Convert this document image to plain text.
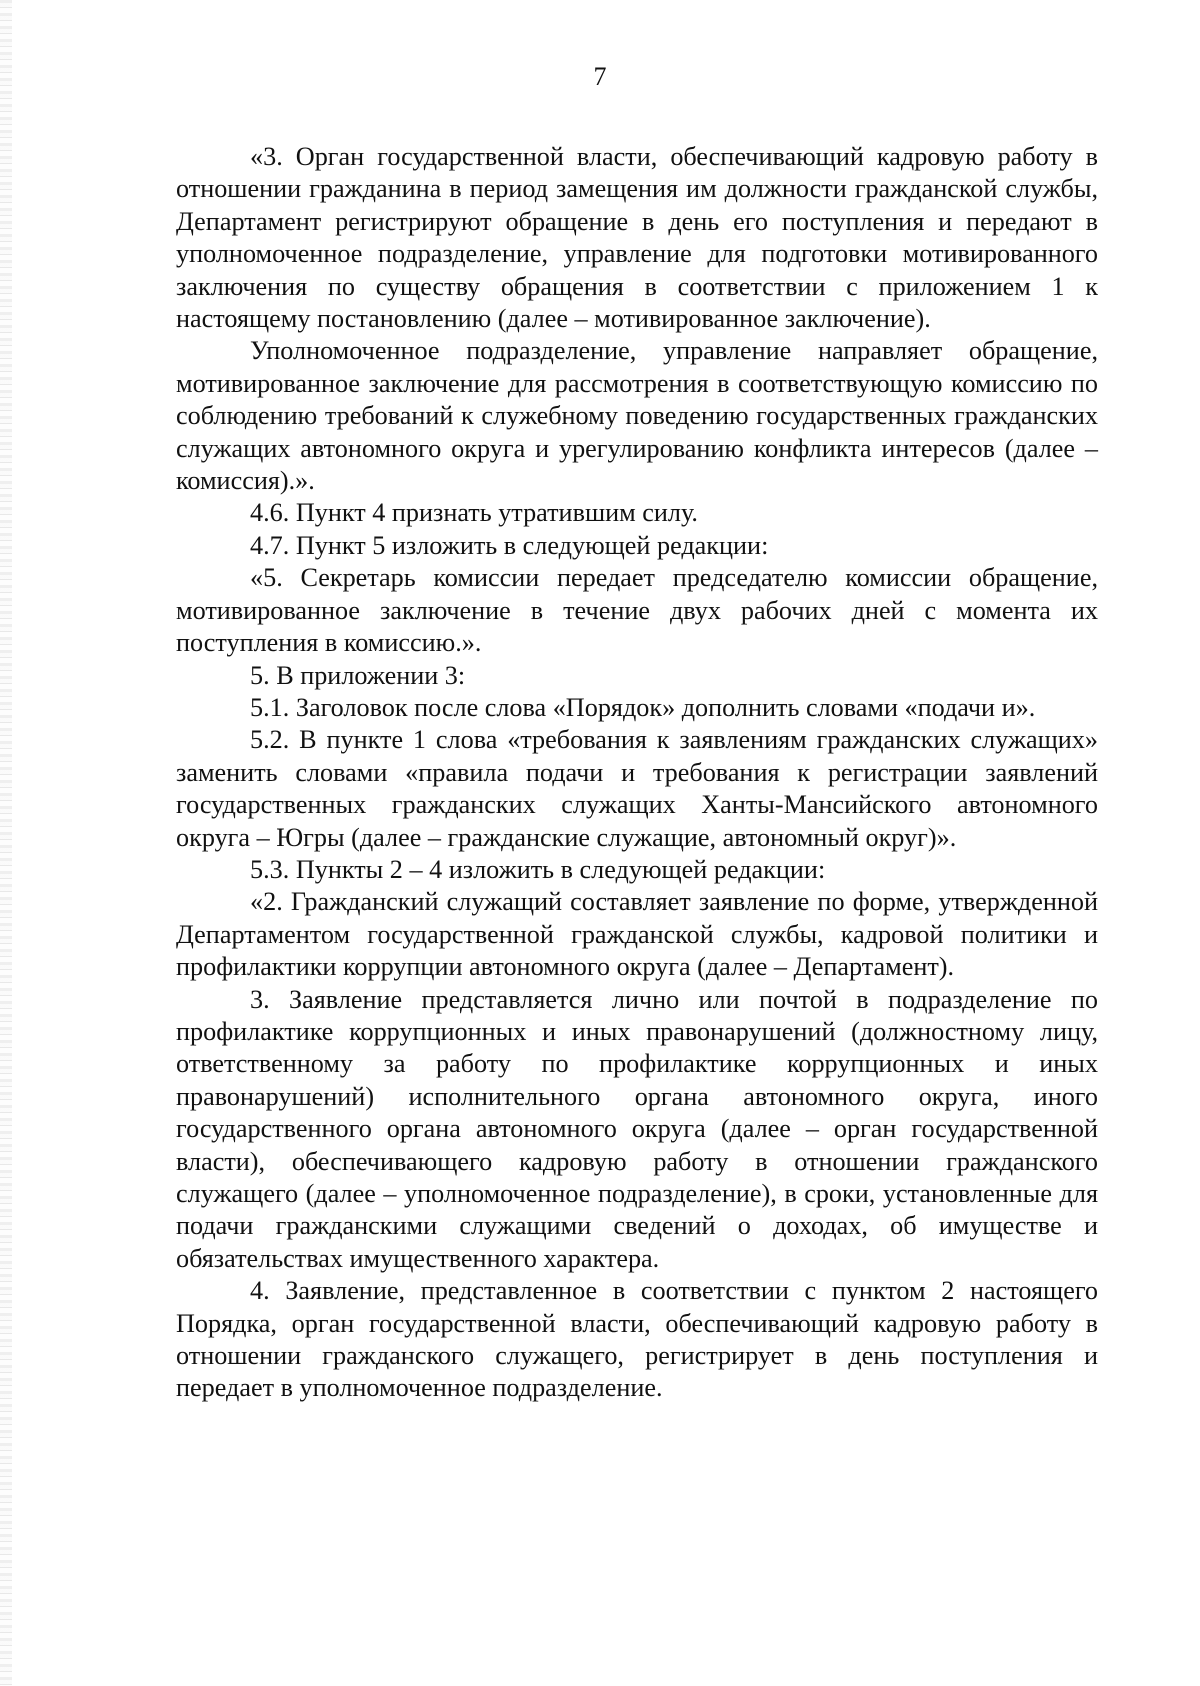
7

«3. Орган государственной власти, обеспечивающий кадровую работу в отношении гражданина в период замещения им должности гражданской службы, Департамент регистрируют обращение в день его поступления и передают в уполномоченное подразделение, управление для подготовки мотивированного заключения по существу обращения в соответствии с приложением 1 к настоящему постановлению (далее – мотивированное заключение).

Уполномоченное подразделение, управление направляет обращение, мотивированное заключение для рассмотрения в соответствующую комиссию по соблюдению требований к служебному поведению государственных гражданских служащих автономного округа и урегулированию конфликта интересов (далее – комиссия).».

4.6. Пункт 4 признать утратившим силу.

4.7. Пункт 5 изложить в следующей редакции:

«5. Секретарь комиссии передает председателю комиссии обращение, мотивированное заключение в течение двух рабочих дней с момента их поступления в комиссию.».

5. В приложении 3:

5.1. Заголовок после слова «Порядок» дополнить словами «подачи и».

5.2. В пункте 1 слова «требования к заявлениям гражданских служащих» заменить словами «правила подачи и требования к регистрации заявлений государственных гражданских служащих Ханты-Мансийского автономного округа – Югры (далее – гражданские служащие, автономный округ)».

5.3. Пункты 2 – 4 изложить в следующей редакции:

«2. Гражданский служащий составляет заявление по форме, утвержденной Департаментом государственной гражданской службы, кадровой политики и профилактики коррупции автономного округа (далее – Департамент).

3. Заявление представляется лично или почтой в подразделение по профилактике коррупционных и иных правонарушений (должностному лицу, ответственному за работу по профилактике коррупционных и иных правонарушений) исполнительного органа автономного округа, иного государственного органа автономного округа (далее – орган государственной власти), обеспечивающего кадровую работу в отношении гражданского служащего (далее – уполномоченное подразделение), в сроки, установленные для подачи гражданскими служащими сведений о доходах, об имуществе и обязательствах имущественного характера.

4. Заявление, представленное в соответствии с пунктом 2 настоящего Порядка, орган государственной власти, обеспечивающий кадровую работу в отношении гражданского служащего, регистрирует в день поступления и передает в уполномоченное подразделение.
